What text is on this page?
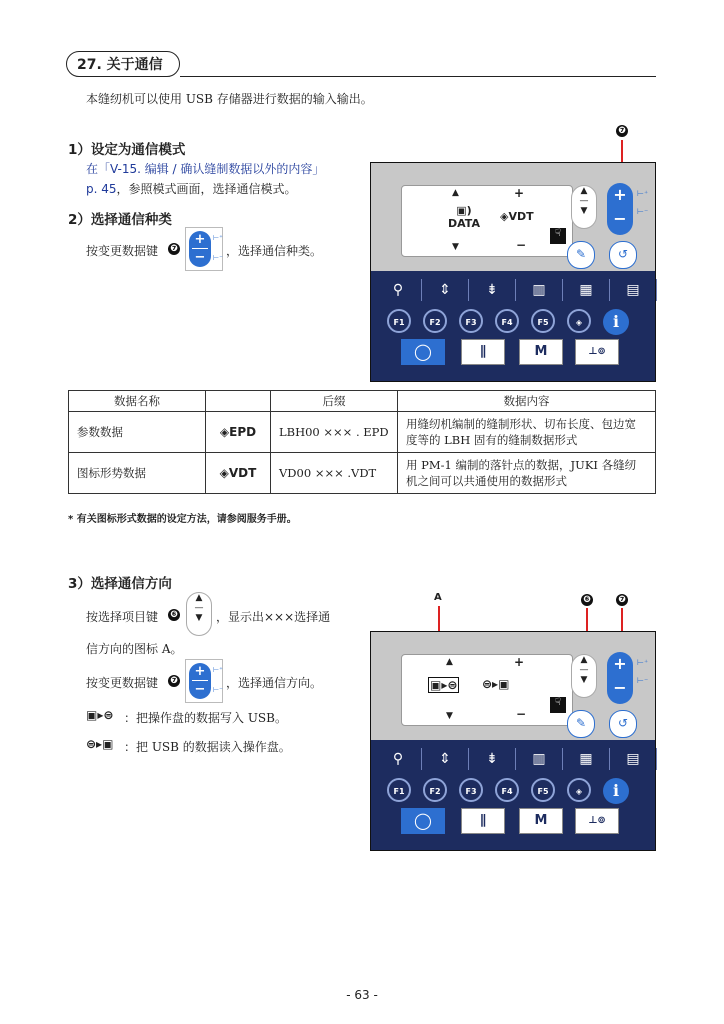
27. 关于通信
本缝纫机可以使用 USB 存储器进行数据的输入输出。
1）设定为通信模式
在「V-15. 编辑 / 确认缝制数据以外的内容」
p. 45，参照模式画面，选择通信模式。
2）选择通信种类
按变更数据键 ❼
+
−
⊢⁺
⊢⁻ ，选择通信种类。
❼
▲	+
▣)
DATA
◈VDT
▼	−
☟
▲
—
▼
+
−
⊢⁺

⊢⁻
✎	↺
⚲	⇕	⇟	▥	▦	▤	◉
F1	F2	F3	F4	F5	◈	i
◯	∥	M	⊥⊚
数据名称		后缀	数据内容
参数数据	◈EPD	LBH00 ××× . EPD	用缝纫机编制的缝制形状、切布长度、包边宽度等的 LBH 固有的缝制数据形式
图标形势数据	◈VDT	VD00 ××× .VDT	用 PM-1 编制的落针点的数据，JUKI 各缝纫机之间可以共通使用的数据形式
* 有关图标形式数据的设定方法，请参阅服务手册。
3）选择通信方向
按选择项目键 ❻
▲
—
▼	，显示出×××选择通
信方向的图标 A。
按变更数据键 ❼
+
−
⊢⁺
⊢⁻ ，选择通信方向。
▣▸⊜ ：把操作盘的数据写入 USB。
⊜▸▣ ：把 USB 的数据读入操作盘。
A	❻	❼
▲	+
▣▸⊜ ⊜▸▣
▼	−
☟
▲
—
▼
+
−
⊢⁺

⊢⁻
✎	↺
⚲	⇕	⇟	▥	▦	▤	◉
F1	F2	F3	F4	F5	◈	i
◯	∥	M	⊥⊚
- 63 -
